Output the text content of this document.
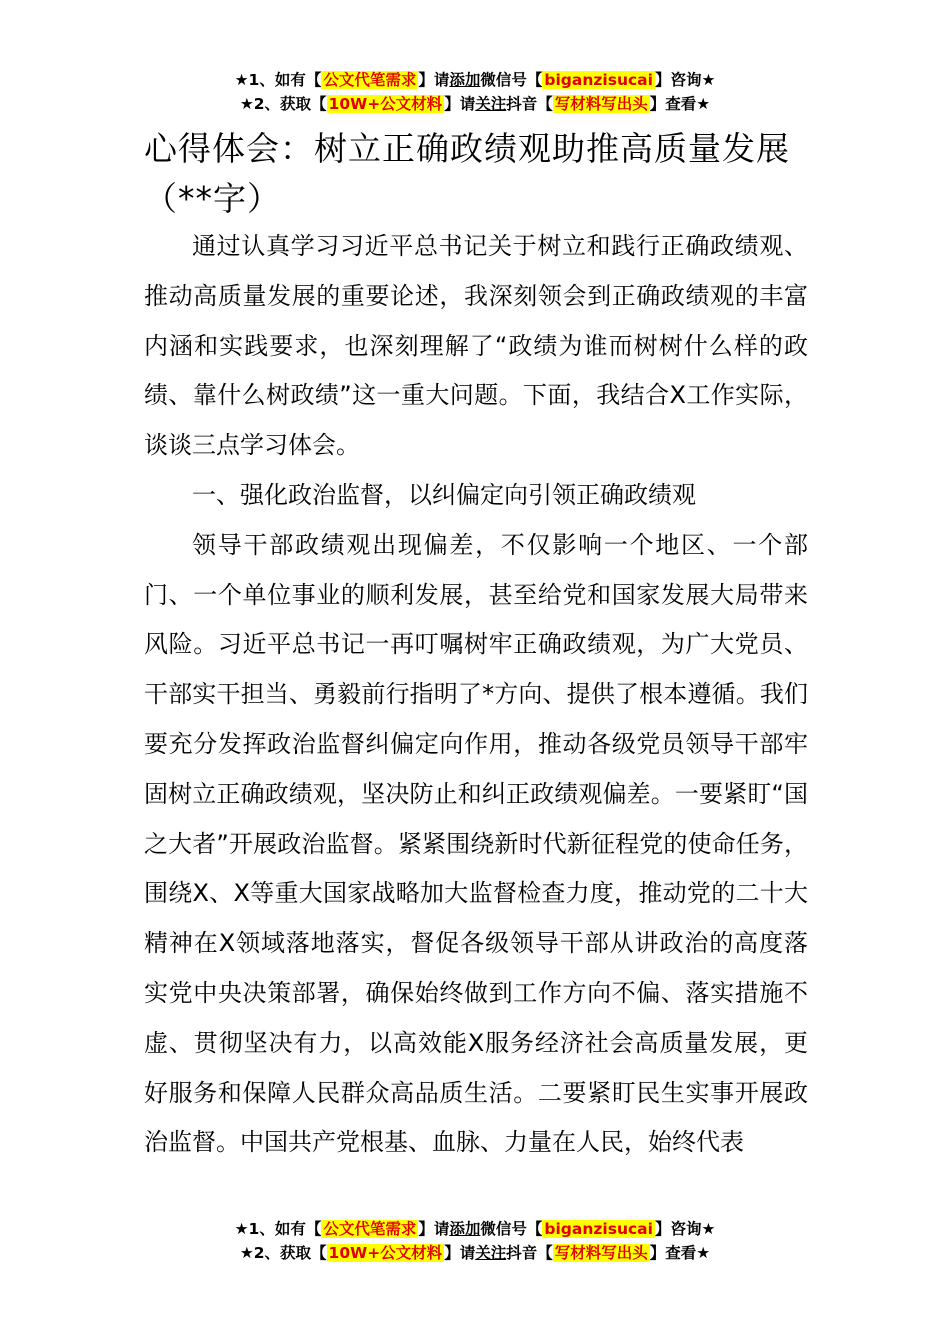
★1、如有【 公文代笔需求 】请添加微信号【 biganzisucai 】咨询★
★2、获取【 10W+公文材料 】请关注抖音【 写材料写出头 】查看★
心得体会：树立正确政绩观助推高质量发展（**字）

通过认真学习习近平总书记关于树立和践行正确政绩观、推动高质量发展的重要论述，我深刻领会到正确政绩观的丰富内涵和实践要求，也深刻理解了“政绩为谁而树树什么样的政绩、靠什么树政绩”这一重大问题。下面，我结合X工作实际，谈谈三点学习体会。

一、强化政治监督，以纠偏定向引领正确政绩观

领导干部政绩观出现偏差，不仅影响一个地区、一个部门、一个单位事业的顺利发展，甚至给党和国家发展大局带来风险。习近平总书记一再叮嘱树牢正确政绩观，为广大党员、干部实干担当、勇毅前行指明了*方向、提供了根本遵循。我们要充分发挥政治监督纠偏定向作用，推动各级党员领导干部牢固树立正确政绩观，坚决防止和纠正政绩观偏差。一要紧盯“国之大者”开展政治监督。紧紧围绕新时代新征程党的使命任务，围绕X、X等重大国家战略加大监督检查力度，推动党的二十大精神在X领域落地落实，督促各级领导干部从讲政治的高度落实党中央决策部署，确保始终做到工作方向不偏、落实措施不虚、贯彻坚决有力，以高效能X服务经济社会高质量发展，更好服务和保障人民群众高品质生活。二要紧盯民生实事开展政治监督。中国共产党根基、血脉、力量在人民，始终代表

★1、如有【 公文代笔需求 】请添加微信号【 biganzisucai 】咨询★
★2、获取【 10W+公文材料 】请关注抖音【 写材料写出头 】查看★
